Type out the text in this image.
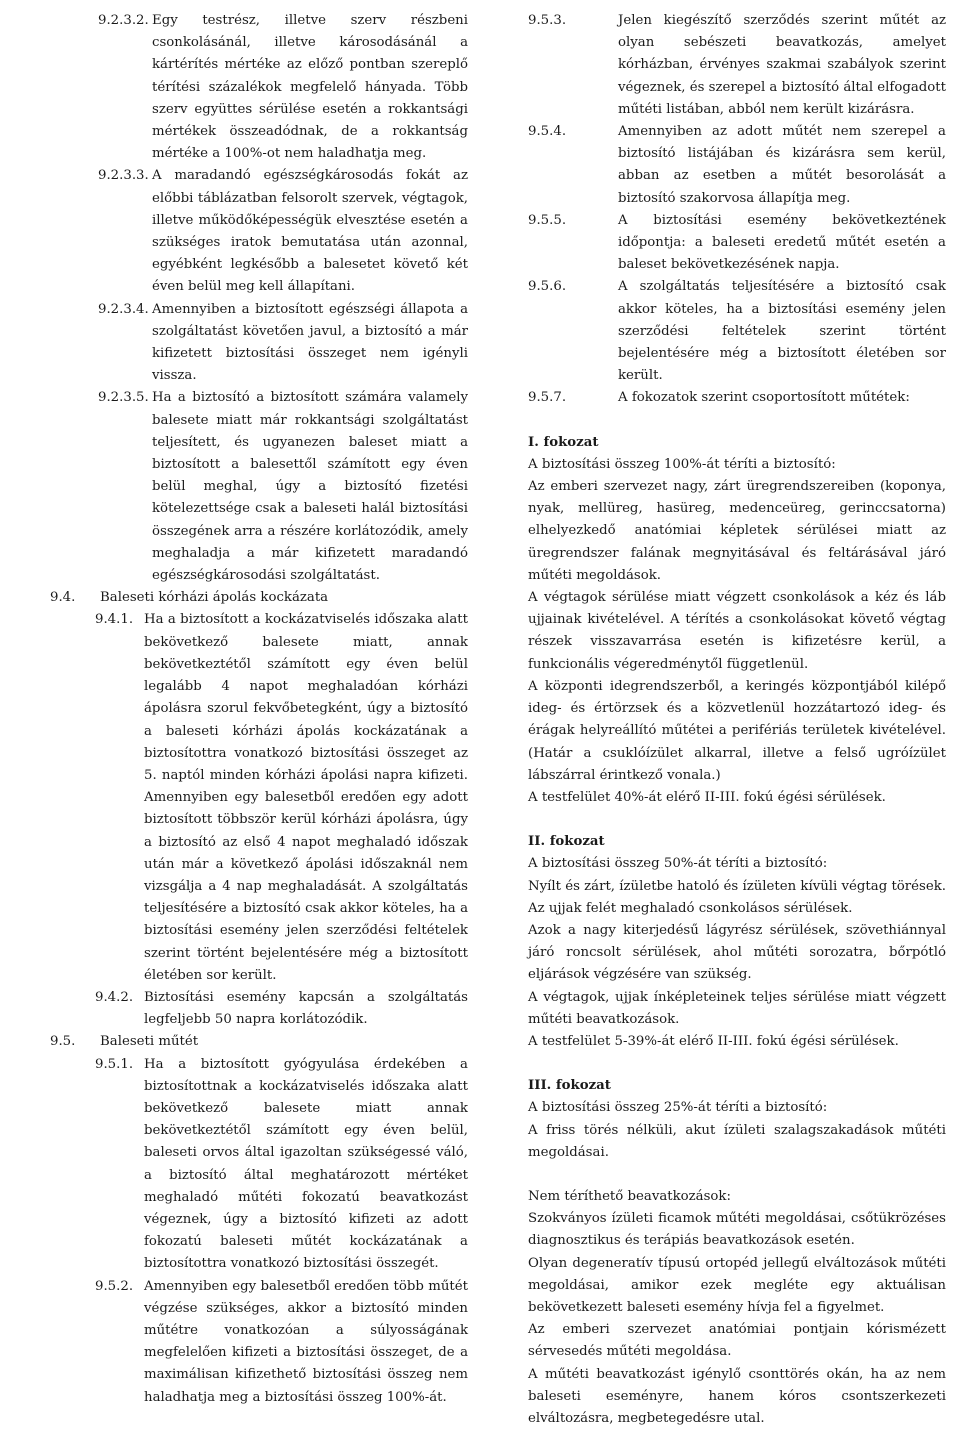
9.2.3.2. Egy testrész, illetve szerv részbeni csonkolásánál, illetve károsodásánál a kártérítés mértéke az előző pontban szereplő térítési százalékok megfelelő hányada. Több szerv együttes sérülése esetén a rokkantsági mértékek összeadódnak, de a rokkantság mértéke a 100%-ot nem haladhatja meg.
9.2.3.3. A maradandó egészségkárosodás fokát az előbbi táblázatban felsorolt szervek, végtagok, illetve működőképességük elvesztése esetén a szükséges iratok bemutatása után azonnal, egyébként legkésőbb a balesetet követő két éven belül meg kell állapítani.
9.2.3.4. Amennyiben a biztosított egészségi állapota a szolgáltatást követően javul, a biztosító a már kifizetett biztosítási összeget nem igényli vissza.
9.2.3.5. Ha a biztosító a biztosított számára valamely balesete miatt már rokkantsági szolgáltatást teljesített, és ugyanezen baleset miatt a biztosított a balesettől számított egy éven belül meghal, úgy a biztosító fizetési kötelezettsége csak a baleseti halál biztosítási összegének arra a részére korlátozódik, amely meghaladja a már kifizetett maradandó egészségkárosodási szolgáltatást.
9.4. Baleseti kórházi ápolás kockázata
9.4.1. Ha a biztosított a kockázatviselés időszaka alatt bekövetkező balesete miatt, annak bekövetkeztétől számított egy éven belül legalább 4 napot meghaladóan kórházi ápolásra szorul fekvőbetegként, úgy a biztosító a baleseti kórházi ápolás kockázatának a biztosítottra vonatkozó biztosítási összeget az 5. naptól minden kórházi ápolási napra kifizeti. Amennyiben egy balesetből eredően egy adott biztosított többször kerül kórházi ápolásra, úgy a biztosító az első 4 napot meghaladó időszak után már a következő ápolási időszaknál nem vizsgálja a 4 nap meghaladását. A szolgáltatás teljesítésére a biztosító csak akkor köteles, ha a biztosítási esemény jelen szerződési feltételek szerint történt bejelentésére még a biztosított életében sor került.
9.4.2. Biztosítási esemény kapcsán a szolgáltatás legfeljebb 50 napra korlátozódik.
9.5. Baleseti műtét
9.5.1. Ha a biztosított gyógyulása érdekében a biztosítottnak a kockázatviselés időszaka alatt bekövetkező balesete miatt annak bekövetkeztétől számított egy éven belül, baleseti orvos által igazoltan szükségessé váló, a biztosító által meghatározott mértéket meghaladó műtéti fokozatú beavatkozást végeznek, úgy a biztosító kifizeti az adott fokozatú baleseti műtét kockázatának a biztosítottra vonatkozó biztosítási összegét.
9.5.2. Amennyiben egy balesetből eredően több műtét végzése szükséges, akkor a biztosító minden műtétre vonatkozóan a súlyosságának megfelelően kifizeti a biztosítási összeget, de a maximálisan kifizethető biztosítási összeg nem haladhatja meg a biztosítási összeg 100%-át.
9.5.3.	Jelen kiegészítő szerződés szerint műtét az olyan sebészeti beavatkozás, amelyet kórházban, érvényes szakmai szabályok szerint végeznek, és szerepel a biztosító által elfogadott műtéti listában, abból nem került kizárásra.
9.5.4.	Amennyiben az adott műtét nem szerepel a biztosító listájában és kizárásra sem kerül, abban az esetben a műtét besorolását a biztosító szakorvosa állapítja meg.
9.5.5.	A biztosítási esemény bekövetkeztének időpontja: a baleseti eredetű műtét esetén a baleset bekövetkezésének napja.
9.5.6.	A szolgáltatás teljesítésére a biztosító csak akkor köteles, ha a biztosítási esemény jelen szerződési feltételek szerint történt bejelentésére még a biztosított életében sor került.
9.5.7.	A fokozatok szerint csoportosított műtétek:

I. fokozat

A biztosítási összeg 100%-át téríti a biztosító:

Az emberi szervezet nagy, zárt üregrendszereiben (koponya, nyak, mellüreg, hasüreg, medenceüreg, gerinccsatorna) elhelyezkedő anatómiai képletek sérülései miatt az üregrendszer falának megnyitásával és feltárásával járó műtéti megoldások.

A végtagok sérülése miatt végzett csonkolások a kéz és láb ujjainak kivételével. A térítés a csonkolásokat követő végtag részek visszavarrása esetén is kifizetésre kerül, a funkcionális végeredménytől függetlenül.

A központi idegrendszerből, a keringés központjából kilépő ideg- és értörzsek és a közvetlenül hozzátartozó ideg- és érágak helyreállító műtétei a perifériás területek kivételével. (Határ a csuklóízület alkarral, illetve a felső ugróízület lábszárral érintkező vonala.)

A testfelület 40%-át elérő II-III. fokú égési sérülések.

II. fokozat

A biztosítási összeg 50%-át téríti a biztosító:

Nyílt és zárt, ízületbe hatoló és ízületen kívüli végtag törések. Az ujjak felét meghaladó csonkolásos sérülések.

Azok a nagy kiterjedésű lágyrész sérülések, szövethiánnyal járó roncsolt sérülések, ahol műtéti sorozatra, bőrpótló eljárások végzésére van szükség.

A végtagok, ujjak ínképleteinek teljes sérülése miatt végzett műtéti beavatkozások.

A testfelület 5-39%-át elérő II-III. fokú égési sérülések.

III. fokozat

A biztosítási összeg 25%-át téríti a biztosító:

A friss törés nélküli, akut ízületi szalagszakadások műtéti megoldásai.

Nem téríthető beavatkozások:

Szokványos ízületi ficamok műtéti megoldásai, csőtükrözéses diagnosztikus és terápiás beavatkozások esetén.

Olyan degeneratív típusú ortopéd jellegű elváltozások műtéti megoldásai, amikor ezek megléte egy aktuálisan bekövetkezett baleseti esemény hívja fel a figyelmet.

Az emberi szervezet anatómiai pontjain kórismézett sérvesedés műtéti megoldása.

A műtéti beavatkozást igénylő csonttörés okán, ha az nem baleseti eseményre, hanem kóros csontszerkezeti elváltozásra, megbetegedésre utal.
